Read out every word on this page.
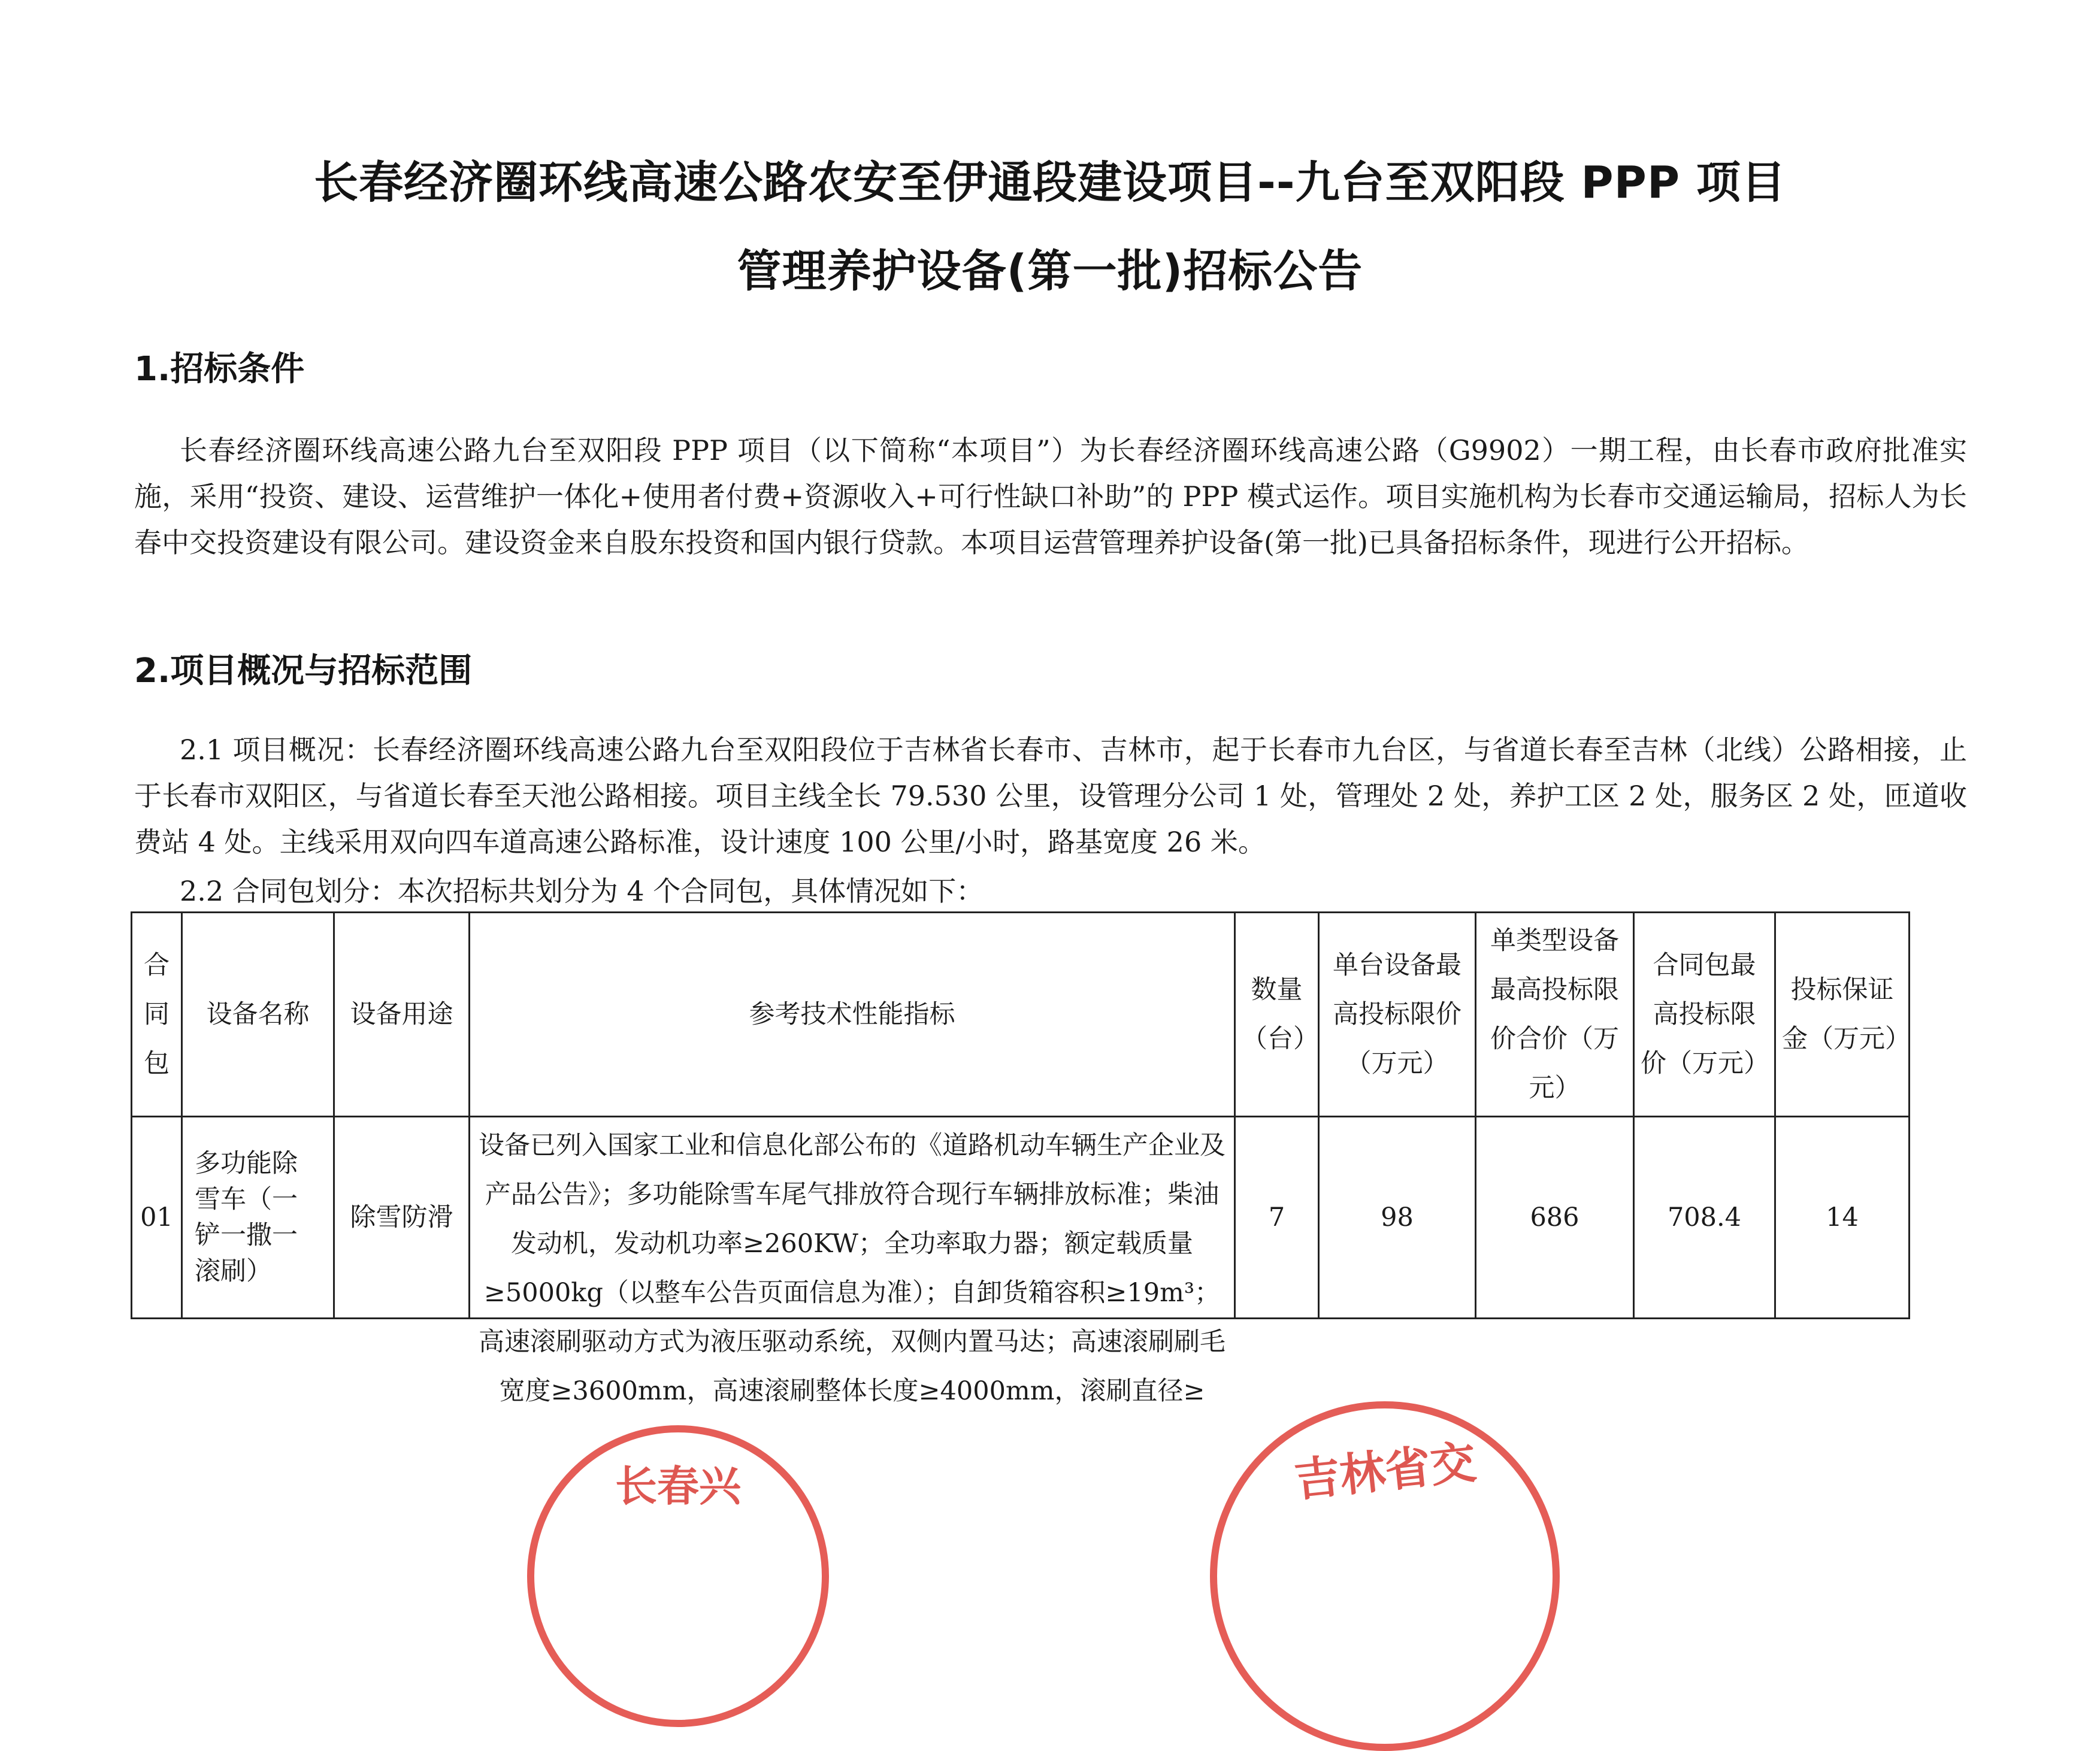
长春经济圈环线高速公路农安至伊通段建设项目--九台至双阳段 PPP 项目
管理养护设备(第一批)招标公告
1.招标条件
长春经济圈环线高速公路九台至双阳段 PPP 项目（以下简称“本项目”）为长春经济圈环线高速公路（G9902）一期工程，由长春市政府批准实施，采用“投资、建设、运营维护一体化+使用者付费+资源收入+可行性缺口补助”的 PPP 模式运作。项目实施机构为长春市交通运输局，招标人为长春中交投资建设有限公司。建设资金来自股东投资和国内银行贷款。本项目运营管理养护设备(第一批)已具备招标条件，现进行公开招标。
2.项目概况与招标范围
2.1 项目概况：长春经济圈环线高速公路九台至双阳段位于吉林省长春市、吉林市，起于长春市九台区，与省道长春至吉林（北线）公路相接，止于长春市双阳区，与省道长春至天池公路相接。项目主线全长 79.530 公里，设管理分公司 1 处，管理处 2 处，养护工区 2 处，服务区 2 处，匝道收费站 4 处。主线采用双向四车道高速公路标准，设计速度 100 公里/小时，路基宽度 26 米。
2.2 合同包划分：本次招标共划分为 4 个合同包，具体情况如下：
合同包	设备名称	设备用途	参考技术性能指标	数量（台）	单台设备最高投标限价（万元）	单类型设备最高投标限价合价（万元）	合同包最高投标限价（万元）	投标保证金（万元）
01	多功能除雪车（一铲一撒一滚刷）	除雪防滑	设备已列入国家工业和信息化部公布的《道路机动车辆生产企业及产品公告》；多功能除雪车尾气排放符合现行车辆排放标准；柴油发动机，发动机功率≥260KW；全功率取力器；额定载质量≥5000kg（以整车公告页面信息为准）；自卸货箱容积≥19m³；高速滚刷驱动方式为液压驱动系统，双侧内置马达；高速滚刷刷毛宽度≥3600mm，高速滚刷整体长度≥4000mm，滚刷直径≥	7	98	686	708.4	14
长春兴	吉林省交
